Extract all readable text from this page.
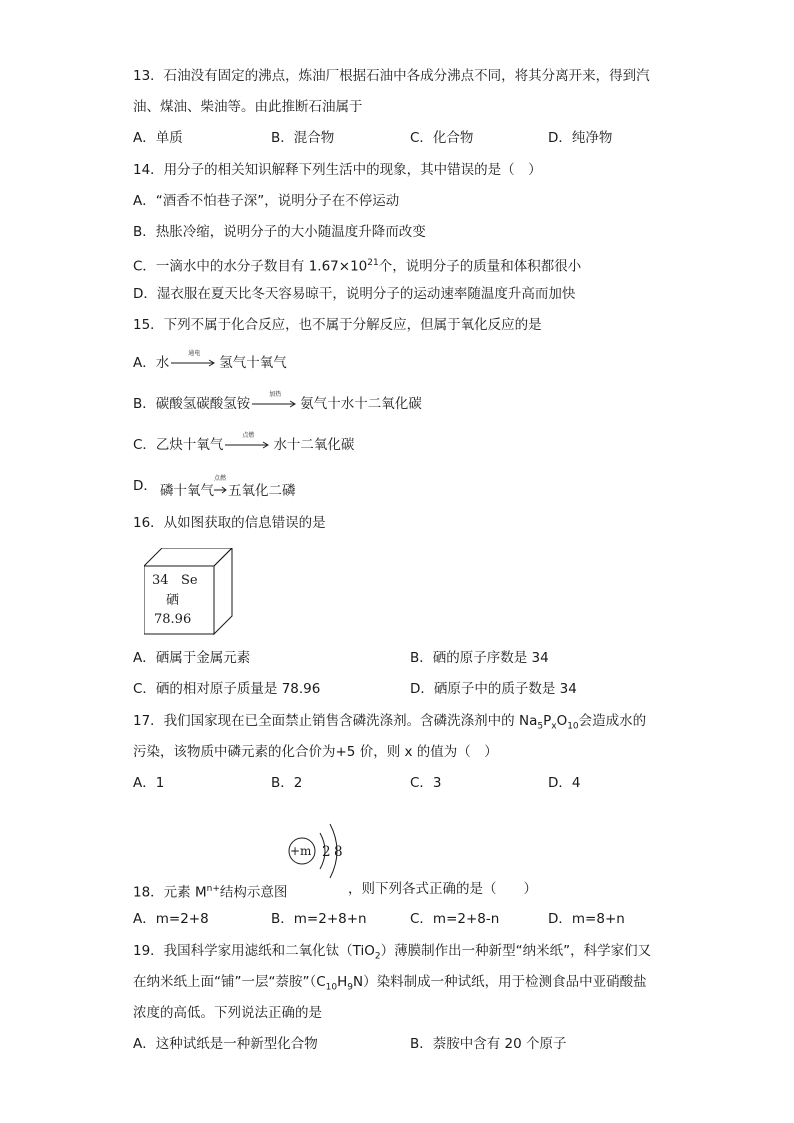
13．石油没有固定的沸点，炼油厂根据石油中各成分沸点不同，将其分离开来，得到汽
油、煤油、柴油等。由此推断石油属于
A．单质	B．混合物	C．化合物	D．纯净物
14．用分子的相关知识解释下列生活中的现象，其中错误的是（　）
A．“酒香不怕巷子深”，说明分子在不停运动
B．热胀冷缩，说明分子的大小随温度升降而改变
C．一滴水中的水分子数目有 $1.67\times 10^{21}$个，说明分子的质量和体积都很小
D．湿衣服在夏天比冬天容易晾干，说明分子的运动速率随温度升高而加快
15．下列不属于化合反应，也不属于分解反应，但属于氧化反应的是
A．水
通电
氢气十氧气
B．碳酸氢碳酸氢铵
加热
氨气十水十二氧化碳
C．乙炔十氧气
点燃
水十二氧化碳
D． 磷十氧气
点燃
五氧化二磷
16．从如图获取的信息错误的是
34 Se
硒
78.96
A．硒属于金属元素	B．硒的原子序数是 34
C．硒的相对原子质量是 78.96	D．硒原子中的质子数是 34
17．我们国家现在已全面禁止销售含磷洗涤剂。含磷洗涤剂中的 $Na_5P_xO_{10}$会造成水的
污染，该物质中磷元素的化合价为+5 价，则 x 的值为（　）
A．1	B．2	C．3	D．4
+m 2 8
18．元素 $M^{n+}$结构示意图	，则下列各式正确的是（　　）
A．m=2+8	B．m=2+8+n	C．m=2+8-n	D．m=8+n
19．我国科学家用滤纸和二氧化钛（TiO$_2$）薄膜制作出一种新型“纳米纸”，科学家们又
在纳米纸上面“铺”一层“萘胺$”(C_{10}H_9N)$染料制成一种试纸，用于检测食品中亚硝酸盐
浓度的高低。下列说法正确的是
A．这种试纸是一种新型化合物	B．萘胺中含有 20 个原子
